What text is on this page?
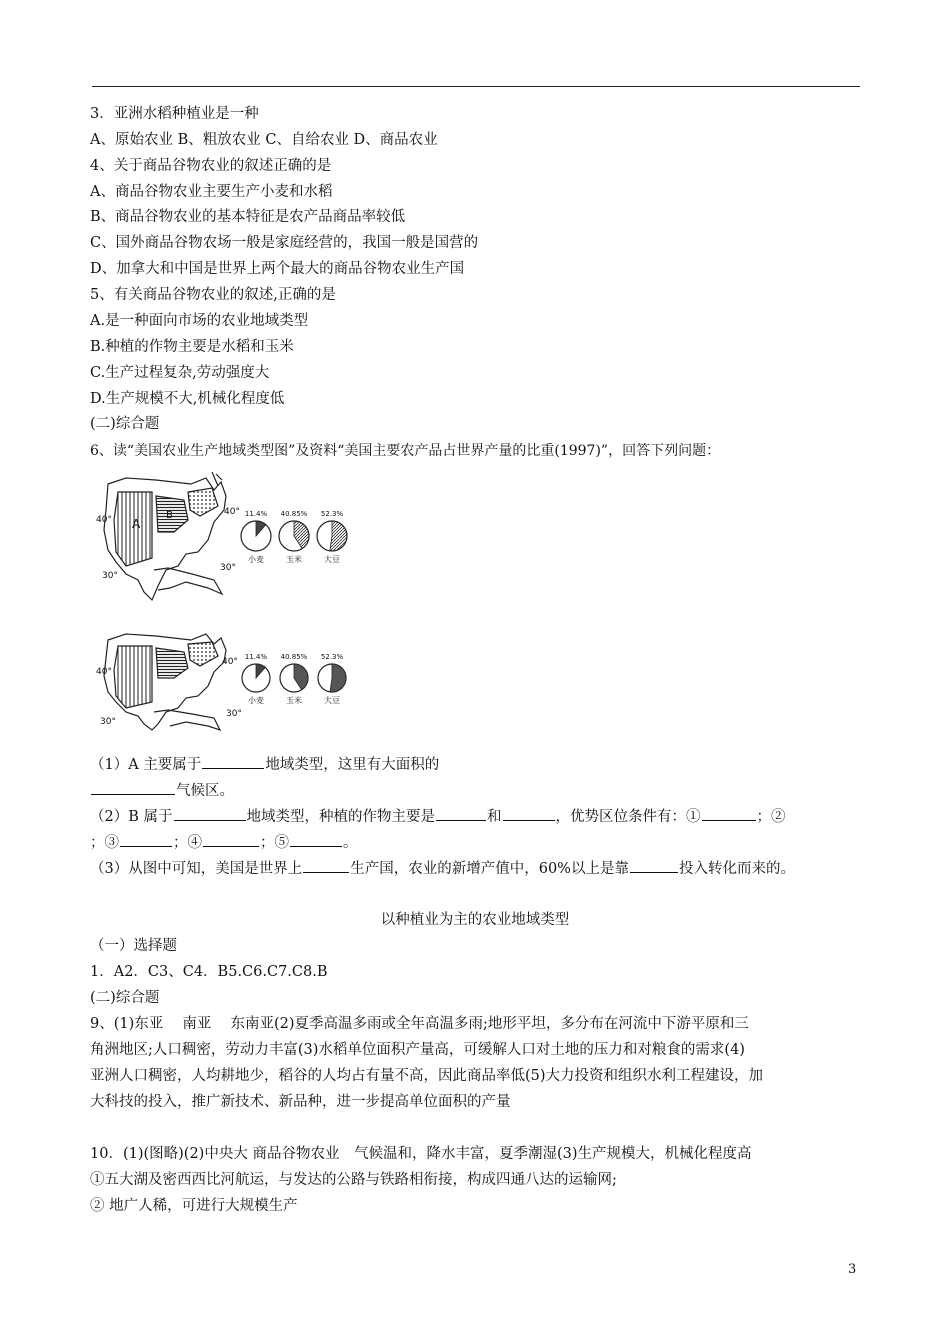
3．亚洲水稻种植业是一种
A、原始农业 B、粗放农业 C、自给农业 D、商品农业
4、关于商品谷物农业的叙述正确的是
A、商品谷物农业主要生产小麦和水稻
B、商品谷物农业的基本特征是农产品商品率较低
C、国外商品谷物农场一般是家庭经营的，我国一般是国营的
D、加拿大和中国是世界上两个最大的商品谷物农业生产国
5、有关商品谷物农业的叙述,正确的是
A.是一种面向市场的农业地域类型
B.种植的作物主要是水稻和玉米
C.生产过程复杂,劳动强度大
D.生产规模不大,机械化程度低
(二)综合题
6、读“美国农业生产地域类型图”及资料“美国主要农产品占世界产量的比重(1997)”，回答下列问题：
A
B
40°
40°
30°
30°
11.4%
小麦
40.85%
玉米
52.3%
大豆
40°
40°
30°
30°
11.4%
小麦
40.85%
玉米
52.3%
大豆
（1）A 主要属于	地域类型，这里有大面积的
气候区。
（2）B 属于	地域类型，种植的作物主要是	和	，优势区位条件有：①	；②
；③	；④	；⑤	。
（3）从图中可知，美国是世界上	生产国，农业的新增产值中，60%以上是靠	投入转化而来的。
以种植业为主的农业地域类型
（一）选择题
1．A2．C3、C4．B5.C6.C7.C8.B
(二)综合题
9、(1)东亚　 南亚　 东南亚(2)夏季高温多雨或全年高温多雨;地形平坦，多分布在河流中下游平原和三
角洲地区;人口稠密，劳动力丰富(3)水稻单位面积产量高，可缓解人口对土地的压力和对粮食的需求(4)
亚洲人口稠密，人均耕地少，稻谷的人均占有量不高，因此商品率低(5)大力投资和组织水利工程建设，加
大科技的投入，推广新技术、新品种，进一步提高单位面积的产量
10．(1)(图略)(2)中央大 商品谷物农业　气候温和，降水丰富，夏季潮湿(3)生产规模大，机械化程度高
①五大湖及密西西比河航运，与发达的公路与铁路相衔接，构成四通八达的运输网;
② 地广人稀，可进行大规模生产
3
